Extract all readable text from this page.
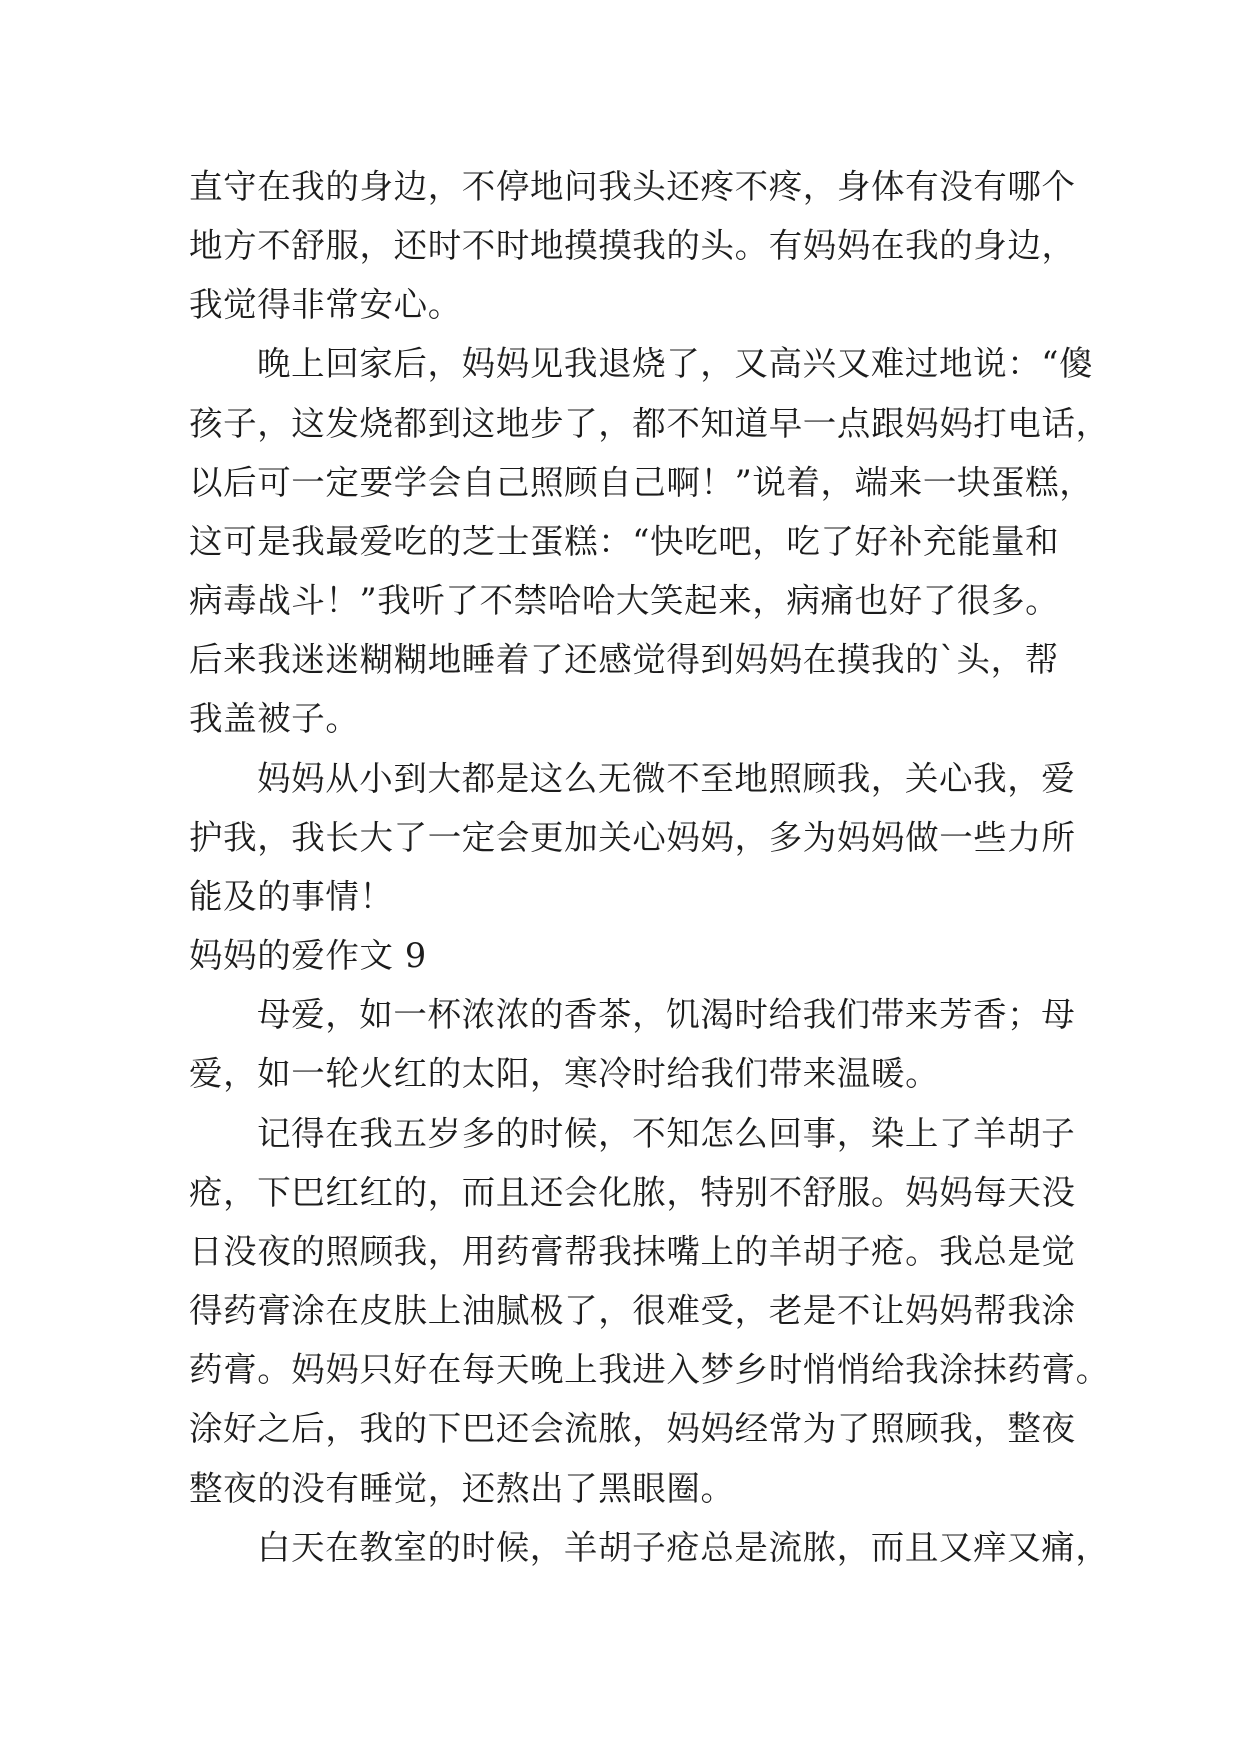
直守在我的身边，不停地问我头还疼不疼，身体有没有哪个
地方不舒服，还时不时地摸摸我的头。有妈妈在我的身边，
我觉得非常安心。
晚上回家后，妈妈见我退烧了，又高兴又难过地说：“傻
孩子，这发烧都到这地步了，都不知道早一点跟妈妈打电话，
以后可一定要学会自己照顾自己啊！”说着，端来一块蛋糕，
这可是我最爱吃的芝士蛋糕：“快吃吧，吃了好补充能量和
病毒战斗！”我听了不禁哈哈大笑起来，病痛也好了很多。
后来我迷迷糊糊地睡着了还感觉得到妈妈在摸我的`头，帮
我盖被子。
妈妈从小到大都是这么无微不至地照顾我，关心我，爱
护我，我长大了一定会更加关心妈妈，多为妈妈做一些力所
能及的事情！
妈妈的爱作文 9
母爱，如一杯浓浓的香茶，饥渴时给我们带来芳香；母
爱，如一轮火红的太阳，寒冷时给我们带来温暖。
记得在我五岁多的时候，不知怎么回事，染上了羊胡子
疮，下巴红红的，而且还会化脓，特别不舒服。妈妈每天没
日没夜的照顾我，用药膏帮我抹嘴上的羊胡子疮。我总是觉
得药膏涂在皮肤上油腻极了，很难受，老是不让妈妈帮我涂
药膏。妈妈只好在每天晚上我进入梦乡时悄悄给我涂抹药膏。
涂好之后，我的下巴还会流脓，妈妈经常为了照顾我，整夜
整夜的没有睡觉，还熬出了黑眼圈。
白天在教室的时候，羊胡子疮总是流脓，而且又痒又痛，
